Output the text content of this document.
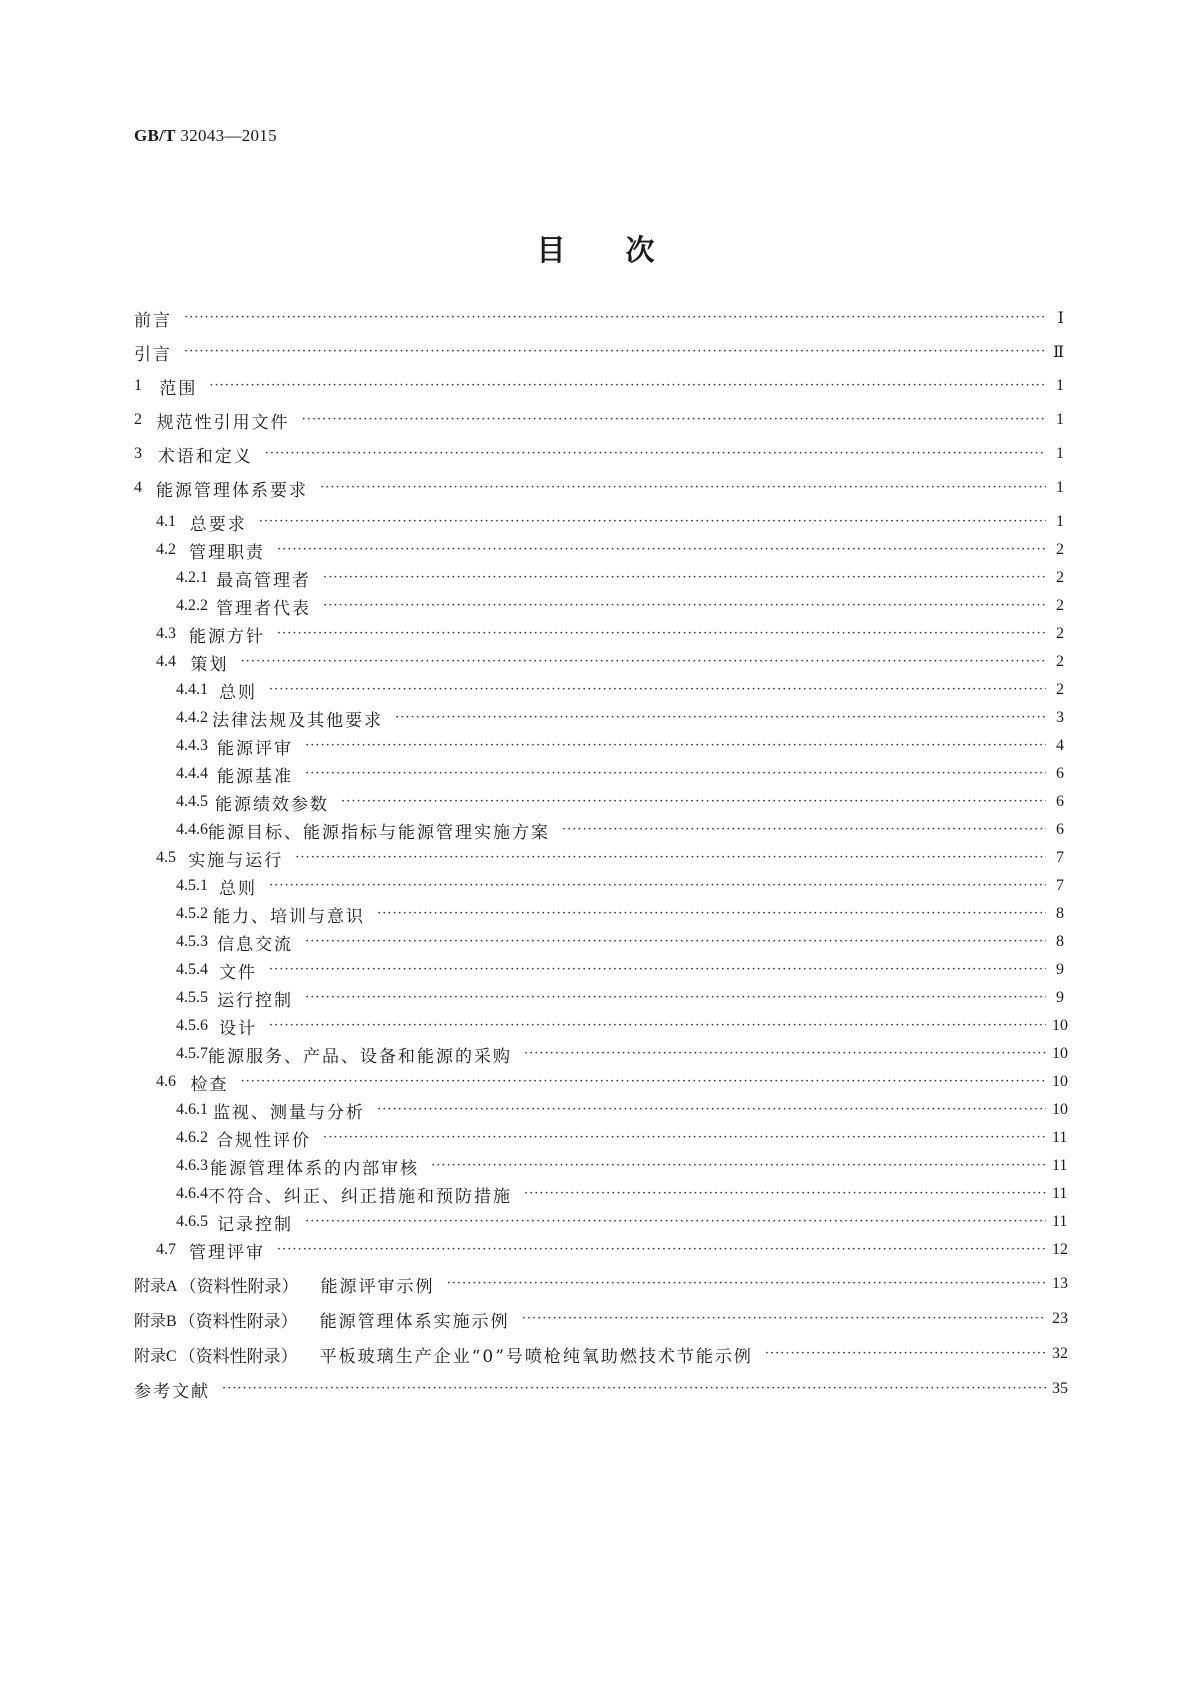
GB/T 32043—2015
目次
前言 ·····	Ⅰ
引言 ·····	Ⅱ
1	范围 ·····	1
2 规范性引用文件 ·····	1
3 术语和定义 ·····	1
4 能源管理体系要求 ·····	1
4.1 总要求 ·····	1
4.2 管理职责 ·····	2
4.2.1 最高管理者 ·····	2
4.2.2 管理者代表 ·····	2
4.3 能源方针 ·····	2
4.4 策划 ·····	2
4.4.1 总则 ·····	2
4.4.2 法律法规及其他要求 ·····	3
4.4.3 能源评审 ·····	4
4.4.4 能源基准 ·····	6
4.4.5 能源绩效参数 ·····	6
4.4.6 能源目标、能源指标与能源管理实施方案 ·····	6
4.5 实施与运行 ·····	7
4.5.1 总则 ·····	7
4.5.2 能力、培训与意识 ·····	8
4.5.3 信息交流 ·····	8
4.5.4 文件 ·····	9
4.5.5 运行控制 ·····	9
4.5.6 设计 ·····	10
4.5.7 能源服务、产品、设备和能源的采购 ·····	10
4.6 检查 ·····	10
4.6.1 监视、测量与分析 ·····	10
4.6.2 合规性评价 ·····	11
4.6.3 能源管理体系的内部审核 ·····	11
4.6.4 不符合、纠正、纠正措施和预防措施 ·····	11
4.6.5 记录控制 ·····	11
4.7 管理评审 ·····	12
附录A （资料性附录） 能源评审示例 ·····	13
附录B （资料性附录） 能源管理体系实施示例 ·····	23
附录C （资料性附录） 平板玻璃生产企业“0”号喷枪纯氧助燃技术节能示例 ·····	32
参考文献 ·····	35
